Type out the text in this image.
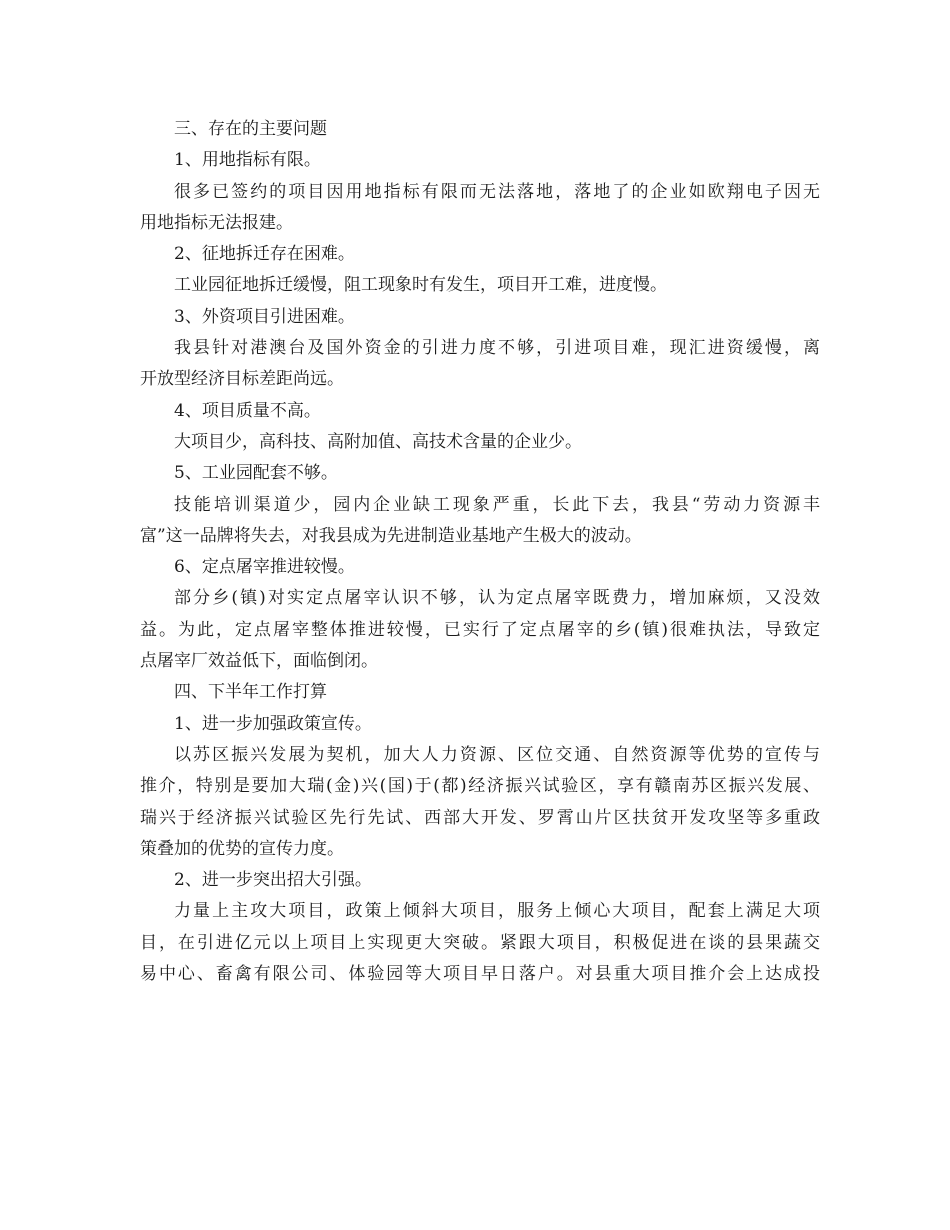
三、存在的主要问题
1、用地指标有限。
很多已签约的项目因用地指标有限而无法落地，落地了的企业如欧翔电子因无
用地指标无法报建。
2、征地拆迁存在困难。
工业园征地拆迁缓慢，阻工现象时有发生，项目开工难，进度慢。
3、外资项目引进困难。
我县针对港澳台及国外资金的引进力度不够，引进项目难，现汇进资缓慢，离
开放型经济目标差距尚远。
4、项目质量不高。
大项目少，高科技、高附加值、高技术含量的企业少。
5、工业园配套不够。
技能培训渠道少，园内企业缺工现象严重，长此下去，我县“劳动力资源丰
富”这一品牌将失去，对我县成为先进制造业基地产生极大的波动。
6、定点屠宰推进较慢。
部分乡(镇)对实定点屠宰认识不够，认为定点屠宰既费力，增加麻烦，又没效
益。为此，定点屠宰整体推进较慢，已实行了定点屠宰的乡(镇)很难执法，导致定
点屠宰厂效益低下，面临倒闭。
四、下半年工作打算
1、进一步加强政策宣传。
以苏区振兴发展为契机，加大人力资源、区位交通、自然资源等优势的宣传与
推介，特别是要加大瑞(金)兴(国)于(都)经济振兴试验区，享有赣南苏区振兴发展、
瑞兴于经济振兴试验区先行先试、西部大开发、罗霄山片区扶贫开发攻坚等多重政
策叠加的优势的宣传力度。
2、进一步突出招大引强。
力量上主攻大项目，政策上倾斜大项目，服务上倾心大项目，配套上满足大项
目，在引进亿元以上项目上实现更大突破。紧跟大项目，积极促进在谈的县果蔬交
易中心、畜禽有限公司、体验园等大项目早日落户。对县重大项目推介会上达成投
